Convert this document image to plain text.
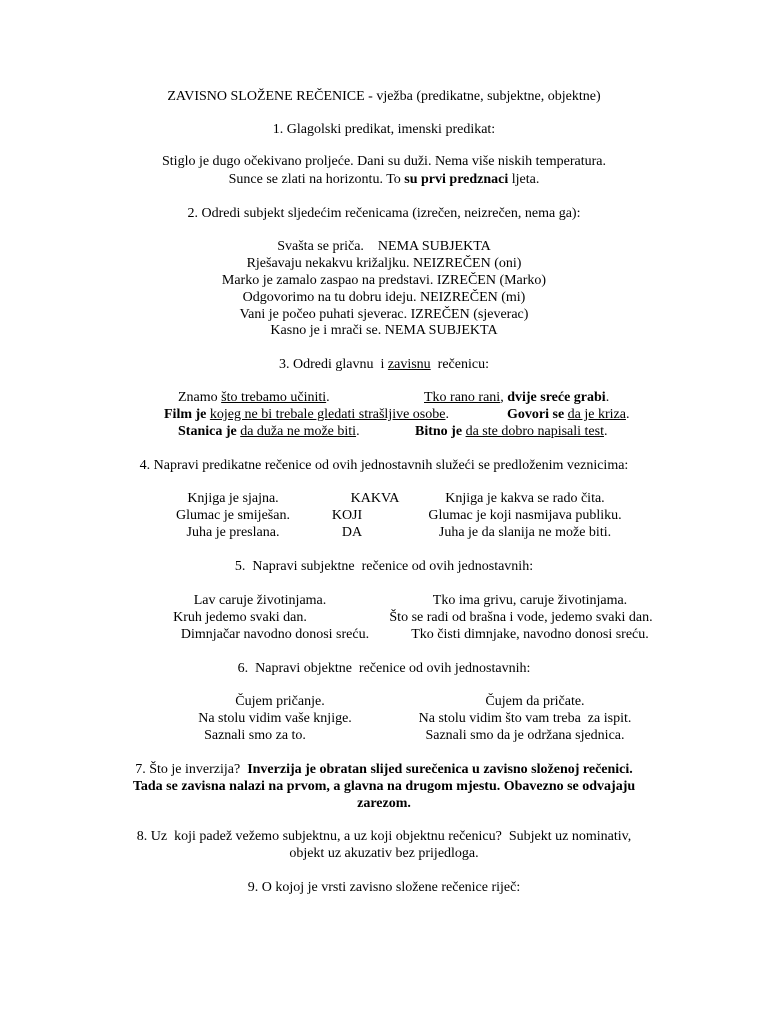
ZAVISNO SLOŽENE REČENICE - vježba (predikatne, subjektne, objektne)
1. Glagolski predikat, imenski predikat:
Stiglo je dugo očekivano proljeće. Dani su duži. Nema više niskih temperatura.
Sunce se zlati na horizontu. To su prvi predznaci ljeta.
2. Odredi subjekt sljedećim rečenicama (izrečen, neizrečen, nema ga):
Svašta se priča.    NEMA SUBJEKTA
Rješavaju nekakvu križaljku. NEIZREČEN (oni)
Marko je zamalo zaspao na predstavi. IZREČEN (Marko)
Odgovorimo na tu dobru ideju. NEIZREČEN (mi)
Vani je počeo puhati sjeverac. IZREČEN (sjeverac)
Kasno je i mrači se. NEMA SUBJEKTA
3. Odredi glavnu  i zavisnu  rečenicu:
Znamo što trebamo učiniti.	Tko rano rani, dvije sreće grabi.
Film je kojeg ne bi trebale gledati strašljive osobe.	Govori se da je kriza.
Stanica je da duža ne može biti.	Bitno je da ste dobro napisali test.
4. Napravi predikatne rečenice od ovih jednostavnih služeći se predloženim veznicima:
Knjiga je sjajna.	KAKVA	Knjiga je kakva se rado čita.
Glumac je smiješan.	KOJI	Glumac je koji nasmijava publiku.
Juha je preslana.	DA	Juha je da slanija ne može biti.
5.  Napravi subjektne  rečenice od ovih jednostavnih:
Lav caruje životinjama.	Tko ima grivu, caruje životinjama.
Kruh jedemo svaki dan.	Što se radi od brašna i vode, jedemo svaki dan.
Dimnjačar navodno donosi sreću.	Tko čisti dimnjake, navodno donosi sreću.
6.  Napravi objektne  rečenice od ovih jednostavnih:
Čujem pričanje.	Čujem da pričate.
Na stolu vidim vaše knjige.	Na stolu vidim što vam treba  za ispit.
Saznali smo za to.	Saznali smo da je održana sjednica.
7. Što je inverzija?  Inverzija je obratan slijed surečenica u zavisno složenoj rečenici.
Tada se zavisna nalazi na prvom, a glavna na drugom mjestu. Obavezno se odvajaju
zarezom.
8. Uz  koji padež vežemo subjektnu, a uz koji objektnu rečenicu?  Subjekt uz nominativ,
objekt uz akuzativ bez prijedloga.
9. O kojoj je vrsti zavisno složene rečenice riječ:
